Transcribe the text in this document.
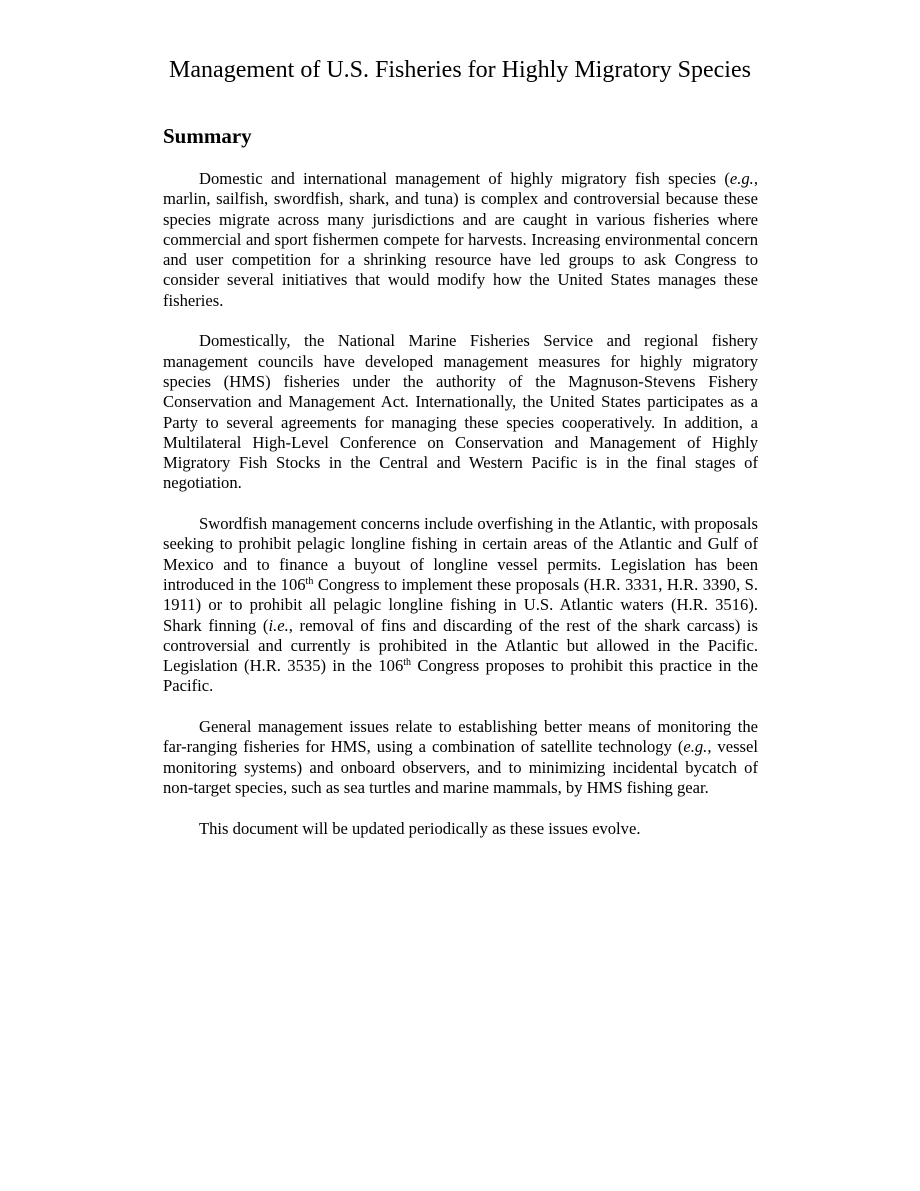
Management of U.S. Fisheries for Highly Migratory Species
Summary

Domestic and international management of highly migratory fish species (e.g., marlin, sailfish, swordfish, shark, and tuna) is complex and controversial because these species migrate across many jurisdictions and are caught in various fisheries where commercial and sport fishermen compete for harvests. Increasing environmental concern and user competition for a shrinking resource have led groups to ask Congress to consider several initiatives that would modify how the United States manages these fisheries.

Domestically, the National Marine Fisheries Service and regional fishery management councils have developed management measures for highly migratory species (HMS) fisheries under the authority of the Magnuson-Stevens Fishery Conservation and Management Act. Internationally, the United States participates as a Party to several agreements for managing these species cooperatively. In addition, a Multilateral High-Level Conference on Conservation and Management of Highly Migratory Fish Stocks in the Central and Western Pacific is in the final stages of negotiation.

Swordfish management concerns include overfishing in the Atlantic, with proposals seeking to prohibit pelagic longline fishing in certain areas of the Atlantic and Gulf of Mexico and to finance a buyout of longline vessel permits. Legislation has been introduced in the 106th Congress to implement these proposals (H.R. 3331, H.R. 3390, S. 1911) or to prohibit all pelagic longline fishing in U.S. Atlantic waters (H.R. 3516). Shark finning (i.e., removal of fins and discarding of the rest of the shark carcass) is controversial and currently is prohibited in the Atlantic but allowed in the Pacific. Legislation (H.R. 3535) in the 106th Congress proposes to prohibit this practice in the Pacific.

General management issues relate to establishing better means of monitoring the far-ranging fisheries for HMS, using a combination of satellite technology (e.g., vessel monitoring systems) and onboard observers, and to minimizing incidental bycatch of non-target species, such as sea turtles and marine mammals, by HMS fishing gear.

This document will be updated periodically as these issues evolve.
